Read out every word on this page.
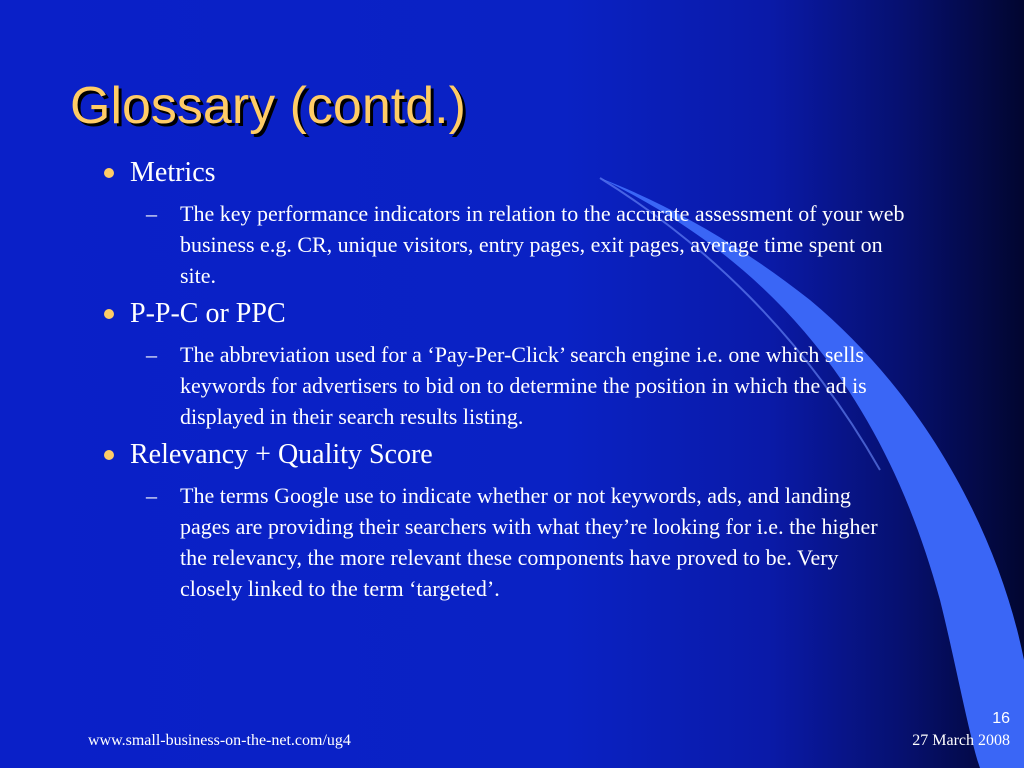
Glossary (contd.)
Metrics
–	The key performance indicators in relation to the accurate assessment of your web business e.g. CR, unique visitors, entry pages, exit pages, average time spent on site.
P-P-C or PPC
–	The abbreviation used for a ‘Pay-Per-Click’ search engine i.e. one which sells keywords for advertisers to bid on to determine the position in which the ad is displayed in their search results listing.
Relevancy + Quality Score
–	The terms Google use to indicate whether or not keywords, ads, and landing pages are providing their searchers with what they’re looking for i.e. the higher the relevancy, the more relevant these components have proved to be. Very closely linked to the term ‘targeted’.
www.small-business-on-the-net.com/ug4
16
27 March 2008
